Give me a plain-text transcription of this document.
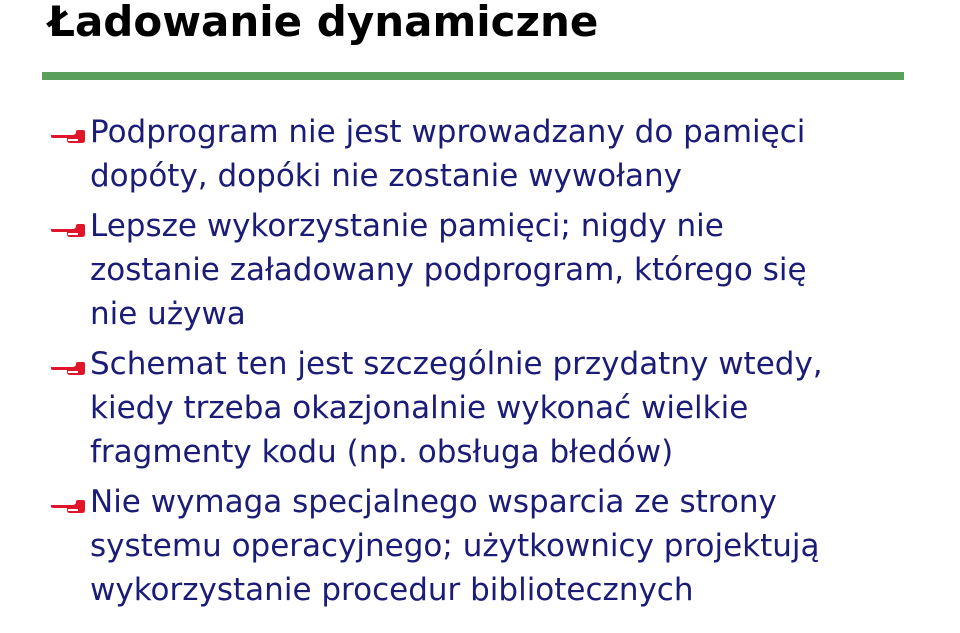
Ładowanie dynamiczne
Podprogram nie jest wprowadzany do pamięci
dopóty, dopóki nie zostanie wywołany
Lepsze wykorzystanie pamięci; nigdy nie
zostanie załadowany podprogram, którego się
nie używa
Schemat ten jest szczególnie przydatny wtedy,
kiedy trzeba okazjonalnie wykonać wielkie
fragmenty kodu (np. obsługa błedów)
Nie wymaga specjalnego wsparcia ze strony
systemu operacyjnego; użytkownicy projektują
wykorzystanie procedur bibliotecznych
